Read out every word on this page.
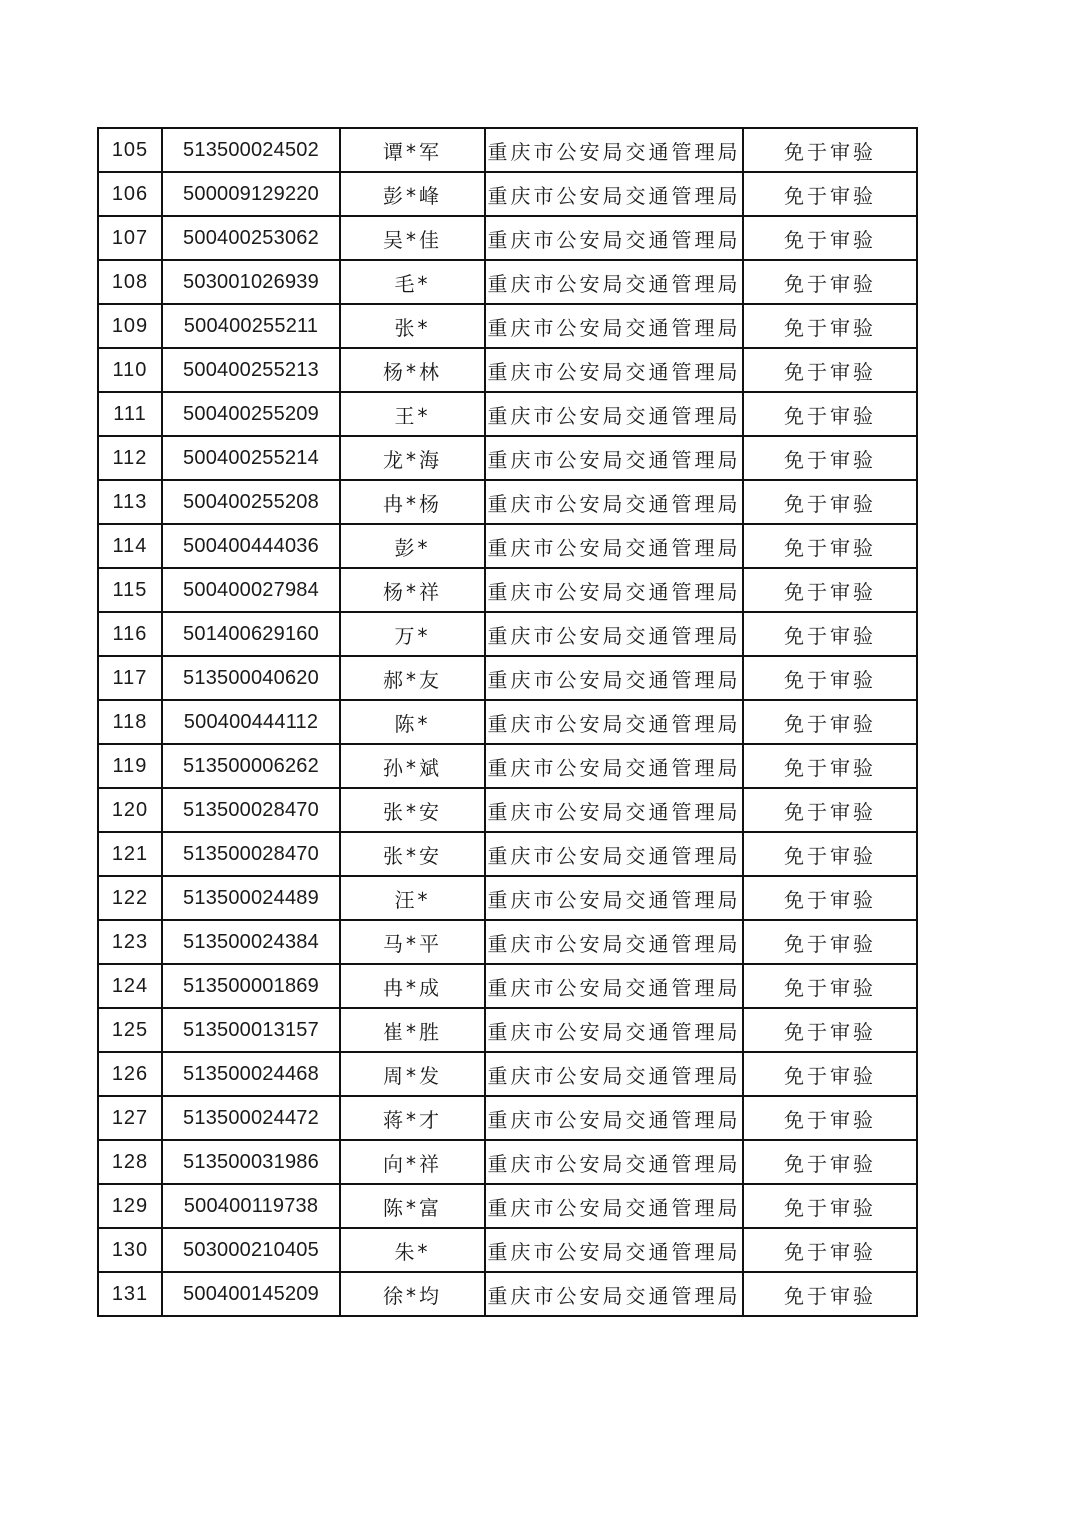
105	513500024502	谭*军	重庆市公安局交通管理局	免于审验
106	500009129220	彭*峰	重庆市公安局交通管理局	免于审验
107	500400253062	吴*佳	重庆市公安局交通管理局	免于审验
108	503001026939	毛*	重庆市公安局交通管理局	免于审验
109	500400255211	张*	重庆市公安局交通管理局	免于审验
110	500400255213	杨*林	重庆市公安局交通管理局	免于审验
111	500400255209	王*	重庆市公安局交通管理局	免于审验
112	500400255214	龙*海	重庆市公安局交通管理局	免于审验
113	500400255208	冉*杨	重庆市公安局交通管理局	免于审验
114	500400444036	彭*	重庆市公安局交通管理局	免于审验
115	500400027984	杨*祥	重庆市公安局交通管理局	免于审验
116	501400629160	万*	重庆市公安局交通管理局	免于审验
117	513500040620	郝*友	重庆市公安局交通管理局	免于审验
118	500400444112	陈*	重庆市公安局交通管理局	免于审验
119	513500006262	孙*斌	重庆市公安局交通管理局	免于审验
120	513500028470	张*安	重庆市公安局交通管理局	免于审验
121	513500028470	张*安	重庆市公安局交通管理局	免于审验
122	513500024489	汪*	重庆市公安局交通管理局	免于审验
123	513500024384	马*平	重庆市公安局交通管理局	免于审验
124	513500001869	冉*成	重庆市公安局交通管理局	免于审验
125	513500013157	崔*胜	重庆市公安局交通管理局	免于审验
126	513500024468	周*发	重庆市公安局交通管理局	免于审验
127	513500024472	蒋*才	重庆市公安局交通管理局	免于审验
128	513500031986	向*祥	重庆市公安局交通管理局	免于审验
129	500400119738	陈*富	重庆市公安局交通管理局	免于审验
130	503000210405	朱*	重庆市公安局交通管理局	免于审验
131	500400145209	徐*均	重庆市公安局交通管理局	免于审验
